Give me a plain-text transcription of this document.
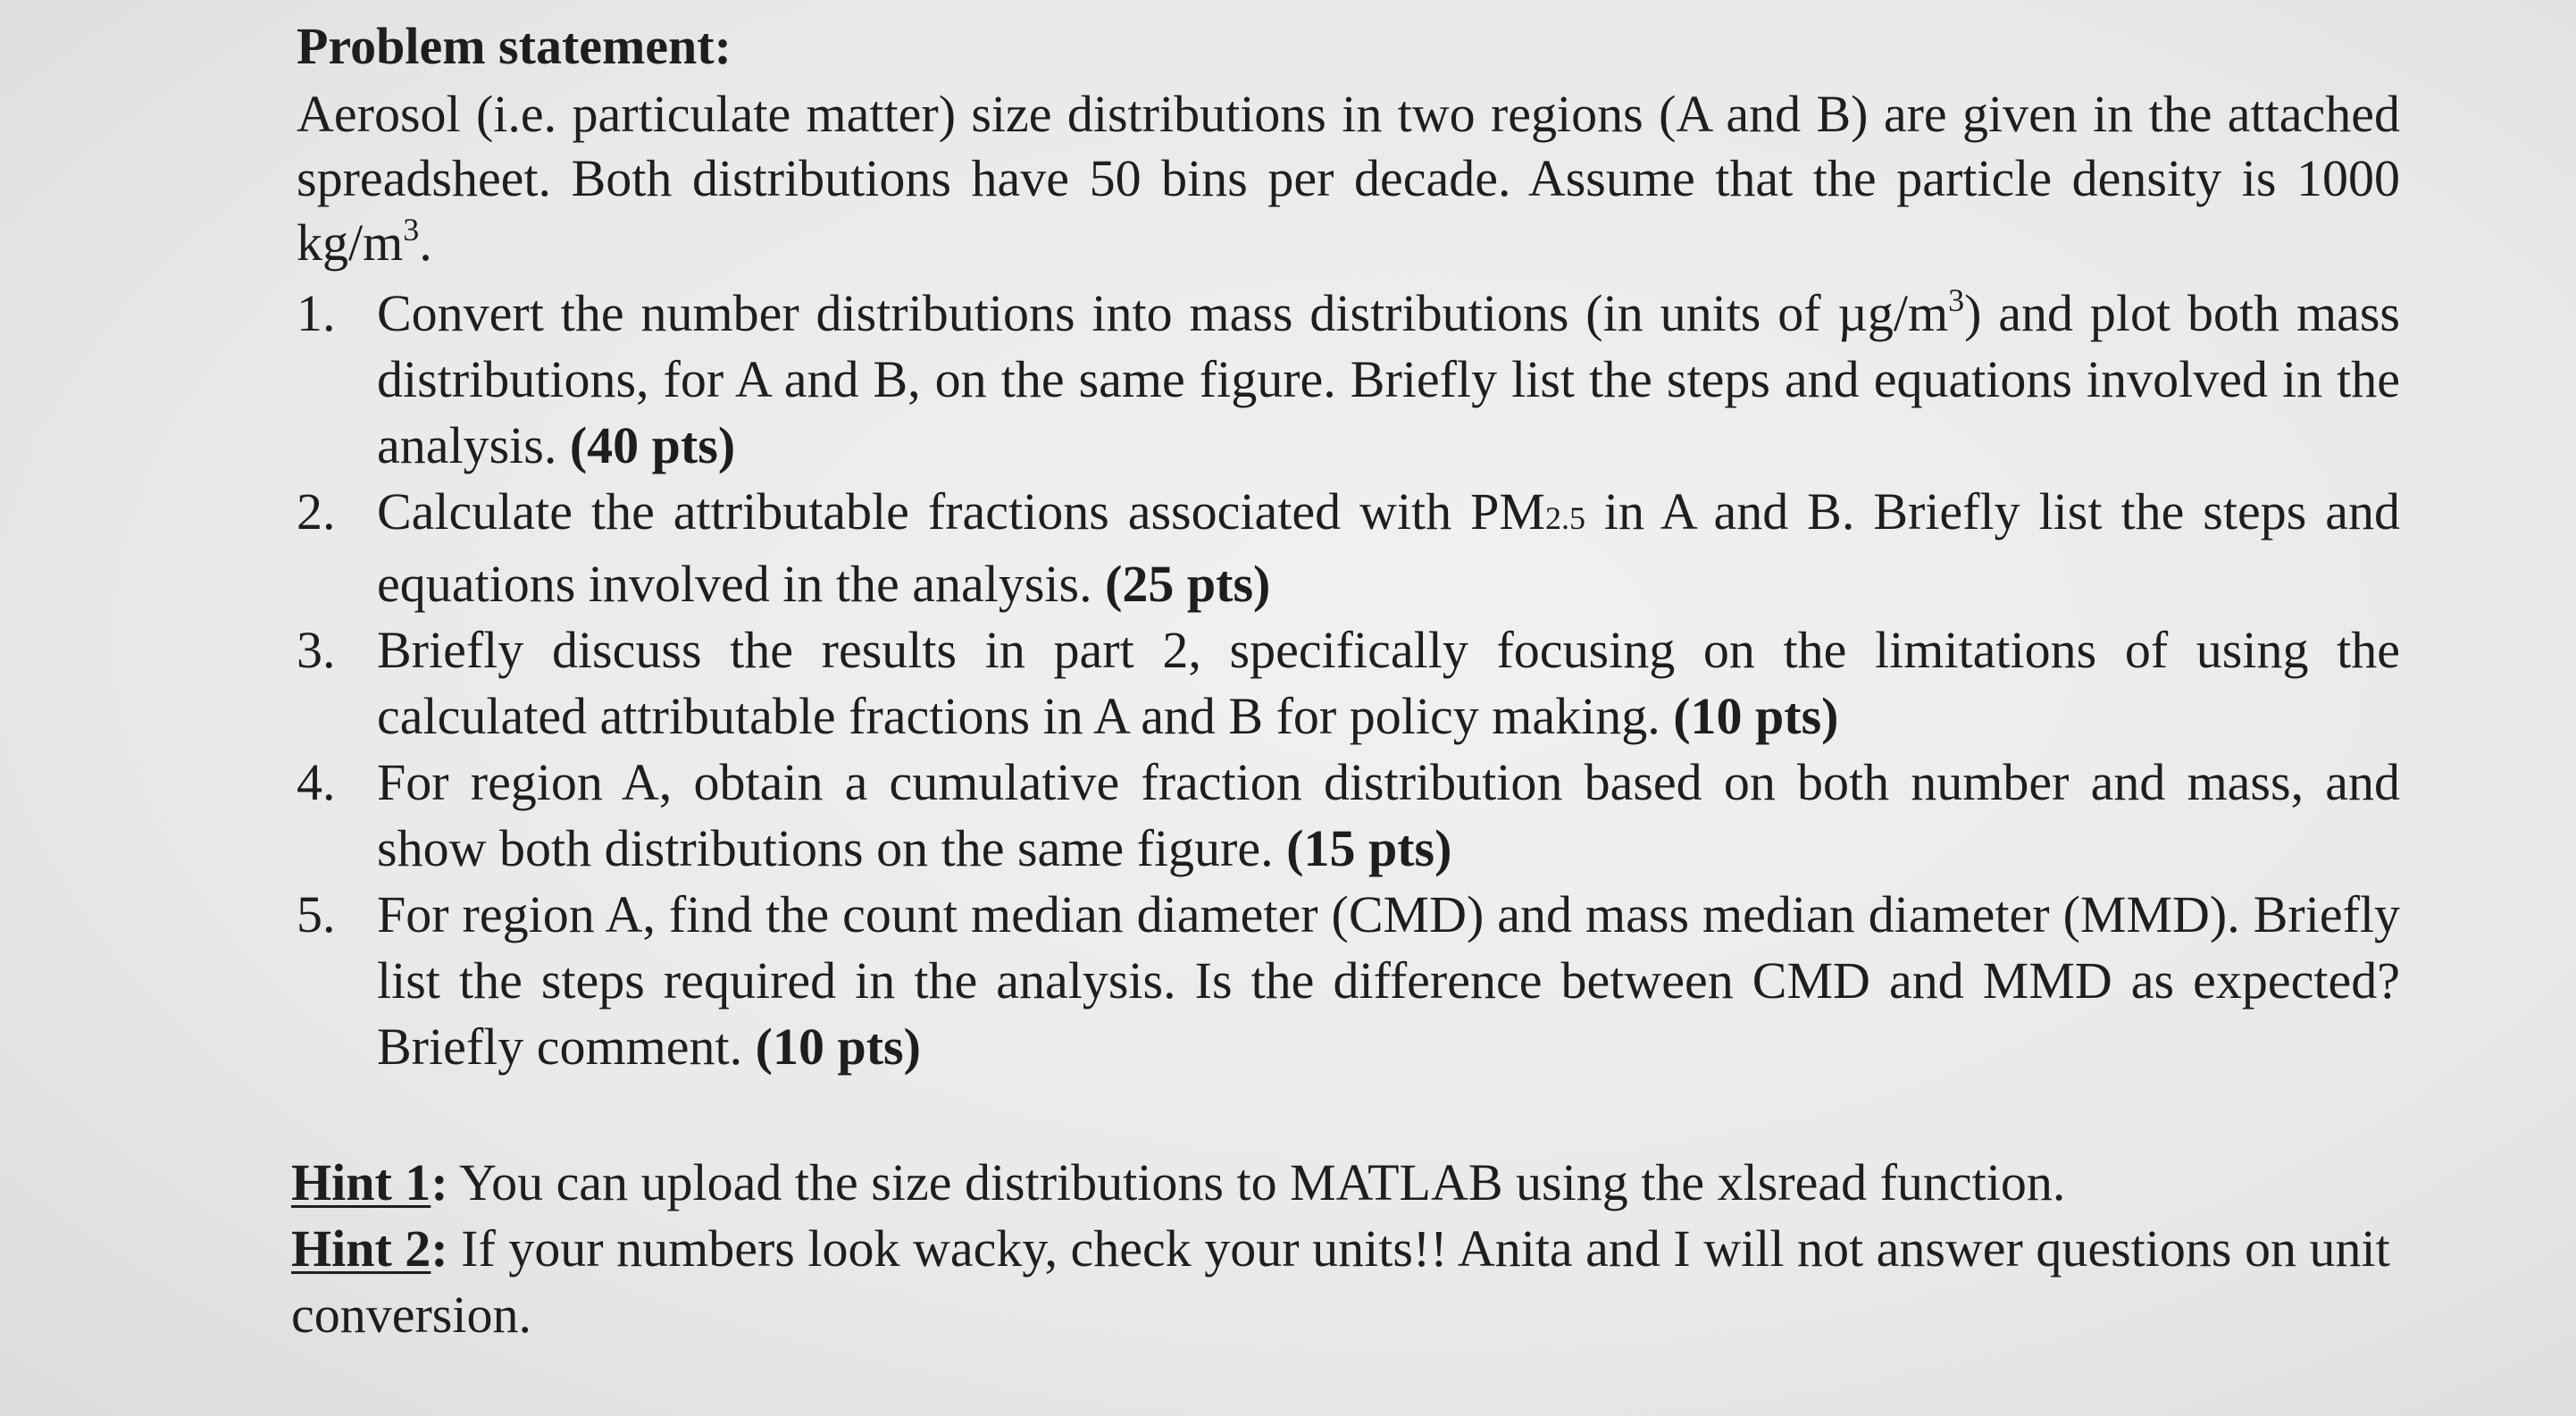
Problem statement:

Aerosol (i.e. particulate matter) size distributions in two regions (A and B) are given in the attached spreadsheet. Both distributions have 50 bins per decade. Assume that the particle density is 1000 $kg/m^3$.

1. Convert the number distributions into mass distributions (in units of $\mu g/m^3$) and plot both mass distributions, for A and B, on the same figure. Briefly list the steps and equations involved in the analysis. (40 pts)
2. Calculate the attributable fractions associated with PM2.5 in A and B. Briefly list the steps and equations involved in the analysis. (25 pts)
3. Briefly discuss the results in part 2, specifically focusing on the limitations of using the calculated attributable fractions in A and B for policy making. (10 pts)
4. For region A, obtain a cumulative fraction distribution based on both number and mass, and show both distributions on the same figure. (15 pts)
5. For region A, find the count median diameter (CMD) and mass median diameter (MMD). Briefly list the steps required in the analysis. Is the difference between CMD and MMD as expected? Briefly comment. (10 pts)

Hint 1: You can upload the size distributions to MATLAB using the xlsread function.

Hint 2: If your numbers look wacky, check your units!! Anita and I will not answer questions on unit conversion.
